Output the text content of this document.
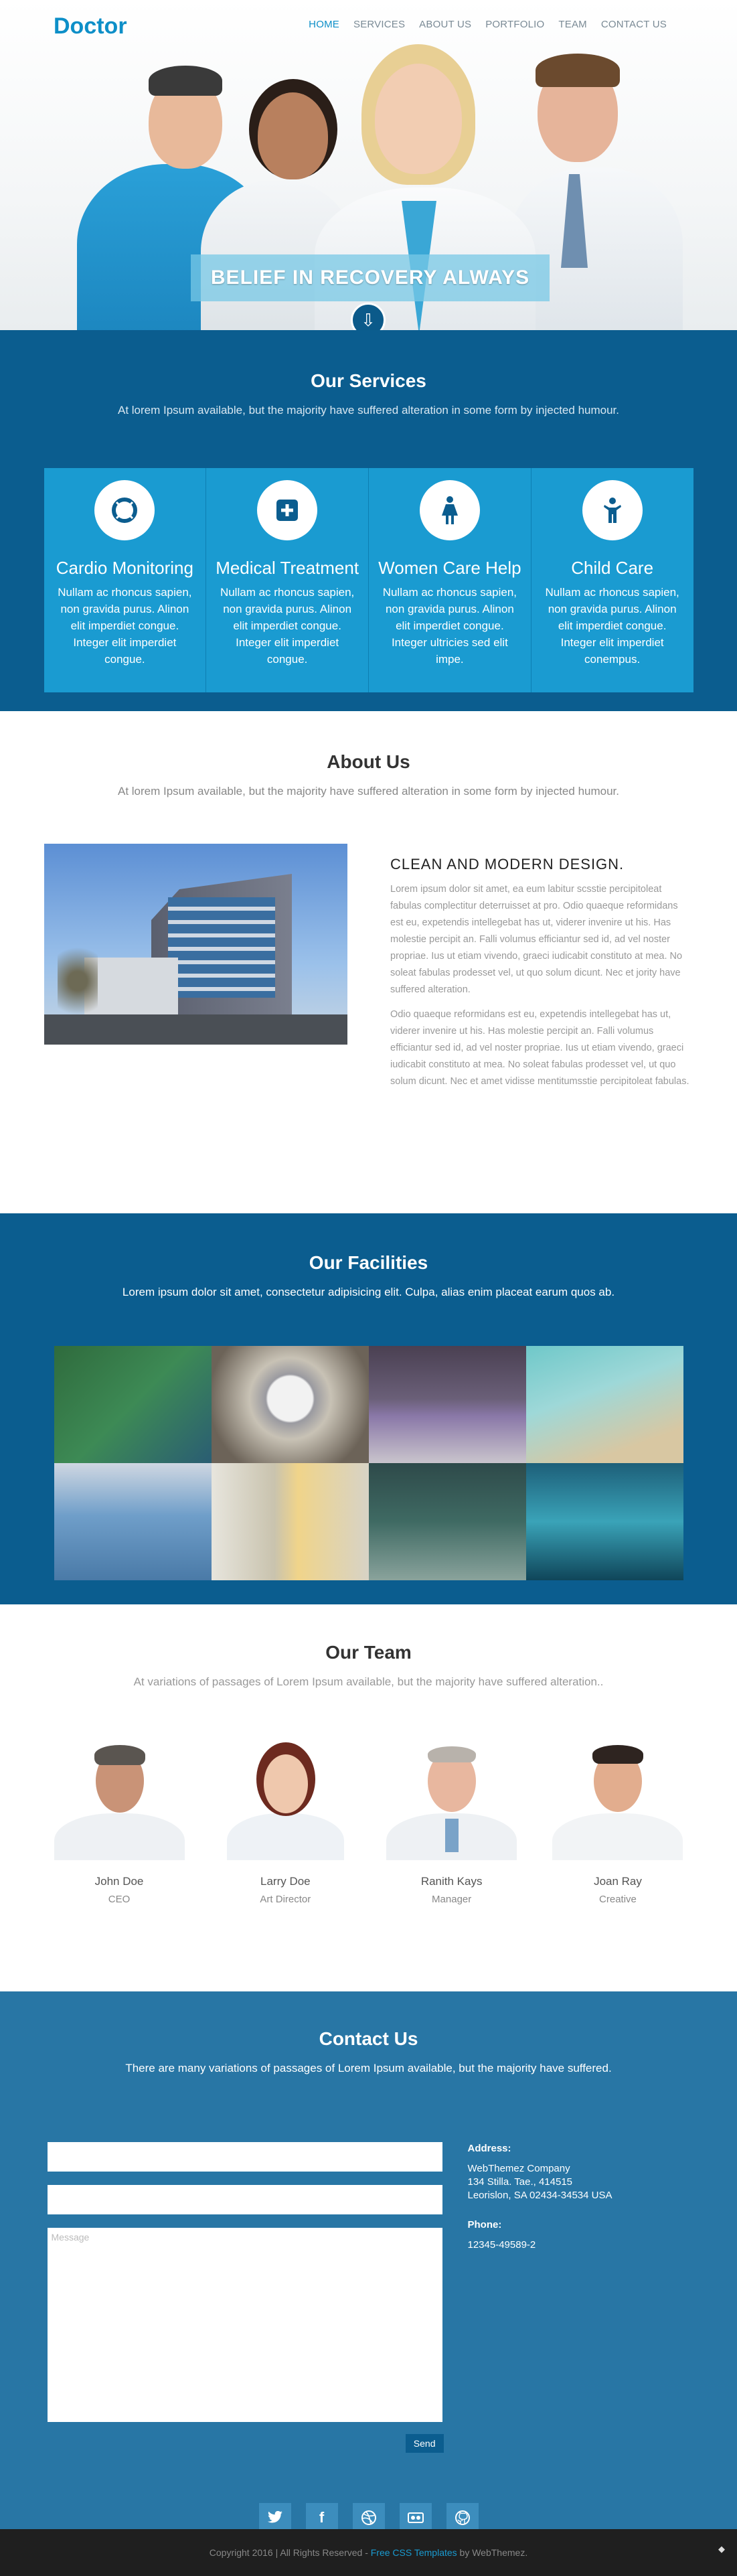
Doctor	HOME SERVICES ABOUT US PORTFOLIO TEAM CONTACT US
BELIEF IN RECOVERY ALWAYS
⇩
Our Services

At lorem Ipsum available, but the majority have suffered alteration in some form by injected humour.

Cardio Monitoring

Nullam ac rhoncus sapien, non gravida purus. Alinon elit imperdiet congue. Integer elit imperdiet congue.

Medical Treatment

Nullam ac rhoncus sapien, non gravida purus. Alinon elit imperdiet congue. Integer elit imperdiet congue.

Women Care Help

Nullam ac rhoncus sapien, non gravida purus. Alinon elit imperdiet congue. Integer ultricies sed elit impe.

Child Care

Nullam ac rhoncus sapien, non gravida purus. Alinon elit imperdiet congue. Integer elit imperdiet conempus.

About Us

At lorem Ipsum available, but the majority have suffered alteration in some form by injected humour.

CLEAN AND MODERN DESIGN.

Lorem ipsum dolor sit amet, ea eum labitur scsstie percipitoleat fabulas complectitur deterruisset at pro. Odio quaeque reformidans est eu, expetendis intellegebat has ut, viderer invenire ut his. Has molestie percipit an. Falli volumus efficiantur sed id, ad vel noster propriae. Ius ut etiam vivendo, graeci iudicabit constituto at mea. No soleat fabulas prodesset vel, ut quo solum dicunt. Nec et jority have suffered alteration.

Odio quaeque reformidans est eu, expetendis intellegebat has ut, viderer invenire ut his. Has molestie percipit an. Falli volumus efficiantur sed id, ad vel noster propriae. Ius ut etiam vivendo, graeci iudicabit constituto at mea. No soleat fabulas prodesset vel, ut quo solum dicunt. Nec et amet vidisse mentitumsstie percipitoleat fabulas.

Our Facilities

Lorem ipsum dolor sit amet, consectetur adipisicing elit. Culpa, alias enim placeat earum quos ab.

Our Team

At variations of passages of Lorem Ipsum available, but the majority have suffered alteration..

John Doe
CEO
Larry Doe
Art Director
Ranith Kays
Manager
Joan Ray
Creative
Contact Us

There are many variations of passages of Lorem Ipsum available, but the majority have suffered.

Message
Send
Address:
WebThemez Company
134 Stilla. Tae., 414515
Leorislon, SA 02434-34534 USA
Phone:
12345-49589-2
f
Copyright 2016 | All Rights Reserved -
Free CSS Templates
by WebThemez.	◆
